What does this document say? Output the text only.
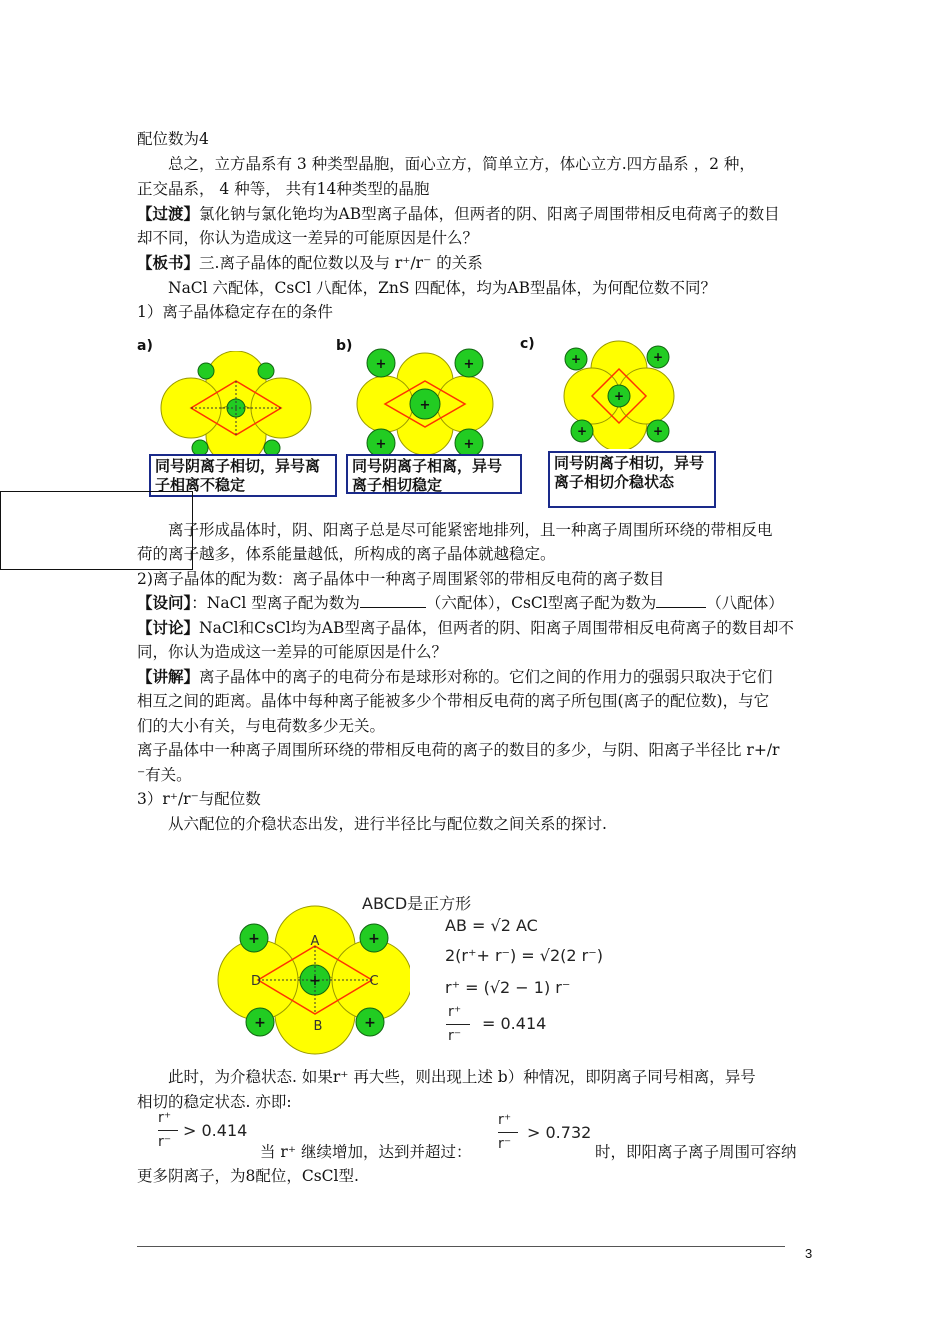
配位数为4
总之，立方晶系有 3 种类型晶胞，面心立方，简单立方，体心立方.四方晶系 ，2 种，
正交晶系， 4 种等， 共有14种类型的晶胞
【过渡】氯化钠与氯化铯均为AB型离子晶体，但两者的阴、阳离子周围带相反电荷离子的数目
却不同，你认为造成这一差异的可能原因是什么？
【板书】三.离子晶体的配位数以及与 r⁺/r⁻ 的关系
NaCl 六配体，CsCl 八配体，ZnS 四配体，均为AB型晶体，为何配位数不同？
1）离子晶体稳定存在的条件
a)
同号阴离子相切，异号离子相离不稳定
b)
+	+
+	+
+
同号阴离子相离，异号离子相切稳定
c)
+	+
+	+
+
同号阴离子相切，异号离子相切介稳状态
离子形成晶体时，阴、阳离子总是尽可能紧密地排列，且一种离子周围所环绕的带相反电
荷的离子越多，体系能量越低，所构成的离子晶体就越稳定。
2)离子晶体的配为数：离子晶体中一种离子周围紧邻的带相反电荷的离子数目
【设问】：NaCl 型离子配为数为	（六配体），CsCl型离子配为数为	（八配体）
【讨论】NaCl和CsCl均为AB型离子晶体，但两者的阴、阳离子周围带相反电荷离子的数目却不
同，你认为造成这一差异的可能原因是什么？
【讲解】离子晶体中的离子的电荷分布是球形对称的。它们之间的作用力的强弱只取决于它们
相互之间的距离。晶体中每种离子能被多少个带相反电荷的离子所包围(离子的配位数)，与它
们的大小有关，与电荷数多少无关。
离子晶体中一种离子周围所环绕的带相反电荷的离子的数目的多少，与阴、阳离子半径比 r+/r
⁻有关。
3）r⁺/r⁻与配位数
从六配位的介稳状态出发，进行半径比与配位数之间关系的探讨.
+	+
+	+
+
A
B
C
D
ABCD是正方形
AB = √2 AC
2(r⁺+ r⁻) = √2(2 r⁻)
r⁺ = (√2 − 1) r⁻
r⁺
r⁻
= 0.414
此时，为介稳状态. 如果r⁺ 再大些，则出现上述 b）种情况，即阴离子同号相离，异号
相切的稳定状态. 亦即:
r⁺
r⁻
> 0.414
当 r⁺ 继续增加，达到并超过：
r⁺
r⁻
> 0.732
时，即阳离子离子周围可容纳
更多阴离子，为8配位，CsCl型.
3
